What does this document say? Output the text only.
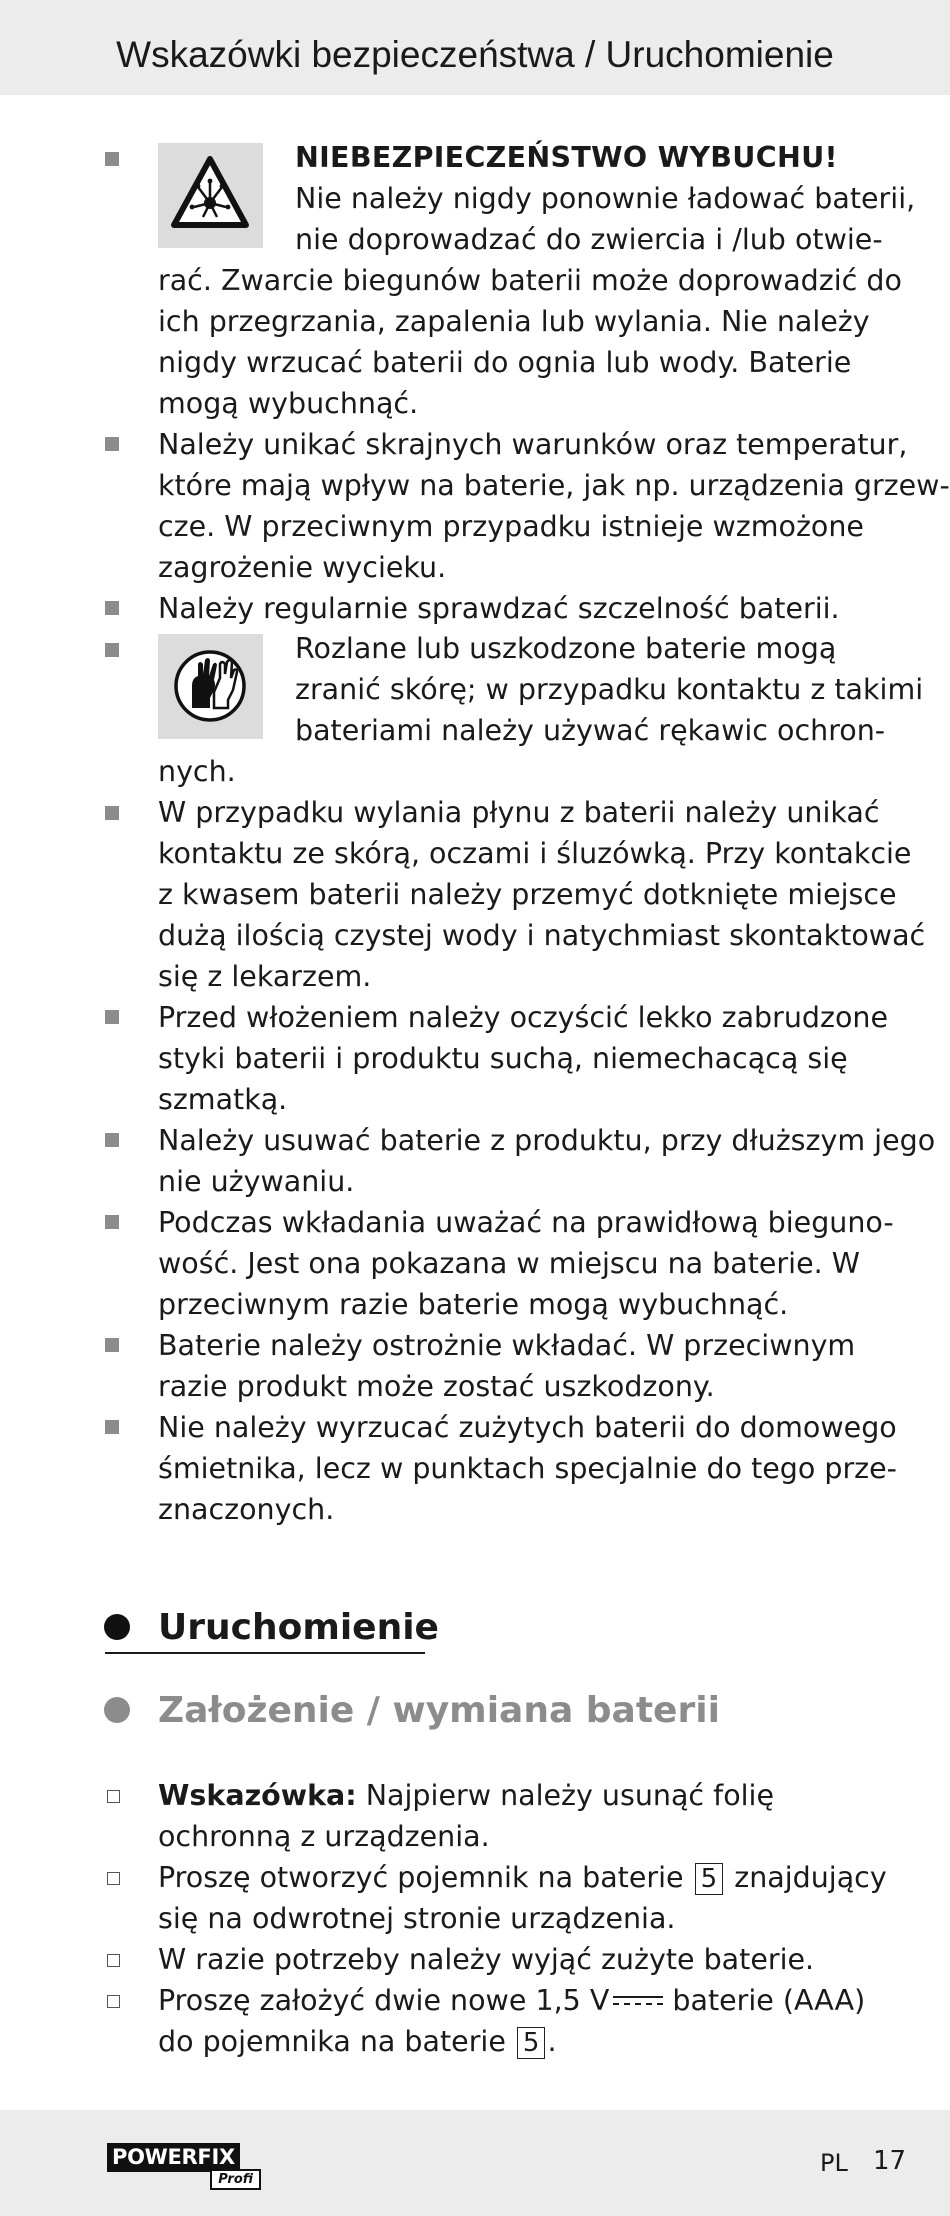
Wskazówki bezpieczeństwa / Uruchomienie
NIEBEZPIECZEŃSTWO WYBUCHU!
Nie należy nigdy ponownie ładować baterii,
nie doprowadzać do zwiercia i /lub otwie-
rać. Zwarcie biegunów baterii może doprowadzić do
ich przegrzania, zapalenia lub wylania. Nie należy
nigdy wrzucać baterii do ognia lub wody. Baterie
mogą wybuchnąć.
Należy unikać skrajnych warunków oraz temperatur,
które mają wpływ na baterie, jak np. urządzenia grzew-
cze. W przeciwnym przypadku istnieje wzmożone
zagrożenie wycieku.
Należy regularnie sprawdzać szczelność baterii.
Rozlane lub uszkodzone baterie mogą
zranić skórę; w przypadku kontaktu z takimi
bateriami należy używać rękawic ochron-
nych.
W przypadku wylania płynu z baterii należy unikać
kontaktu ze skórą, oczami i śluzówką. Przy kontakcie
z kwasem baterii należy przemyć dotknięte miejsce
dużą ilością czystej wody i natychmiast skontaktować
się z lekarzem.
Przed włożeniem należy oczyścić lekko zabrudzone
styki baterii i produktu suchą, niemechacącą się
szmatką.
Należy usuwać baterie z produktu, przy dłuższym jego
nie używaniu.
Podczas wkładania uważać na prawidłową bieguno-
wość. Jest ona pokazana w miejscu na baterie. W
przeciwnym razie baterie mogą wybuchnąć.
Baterie należy ostrożnie wkładać. W przeciwnym
razie produkt może zostać uszkodzony.
Nie należy wyrzucać zużytych baterii do domowego
śmietnika, lecz w punktach specjalnie do tego prze-
znaczonych.
Uruchomienie
Założenie / wymiana baterii
Wskazówka: Najpierw należy usunąć folię
ochronną z urządzenia.
Proszę otworzyć pojemnik na baterie 5 znajdujący
się na odwrotnej stronie urządzenia.
W razie potrzeby należy wyjąć zużyte baterie.
Proszę założyć dwie nowe 1,5 V
baterie (AAA)
do pojemnika na baterie 5 .
POWERFIX
Profi
PL 17
